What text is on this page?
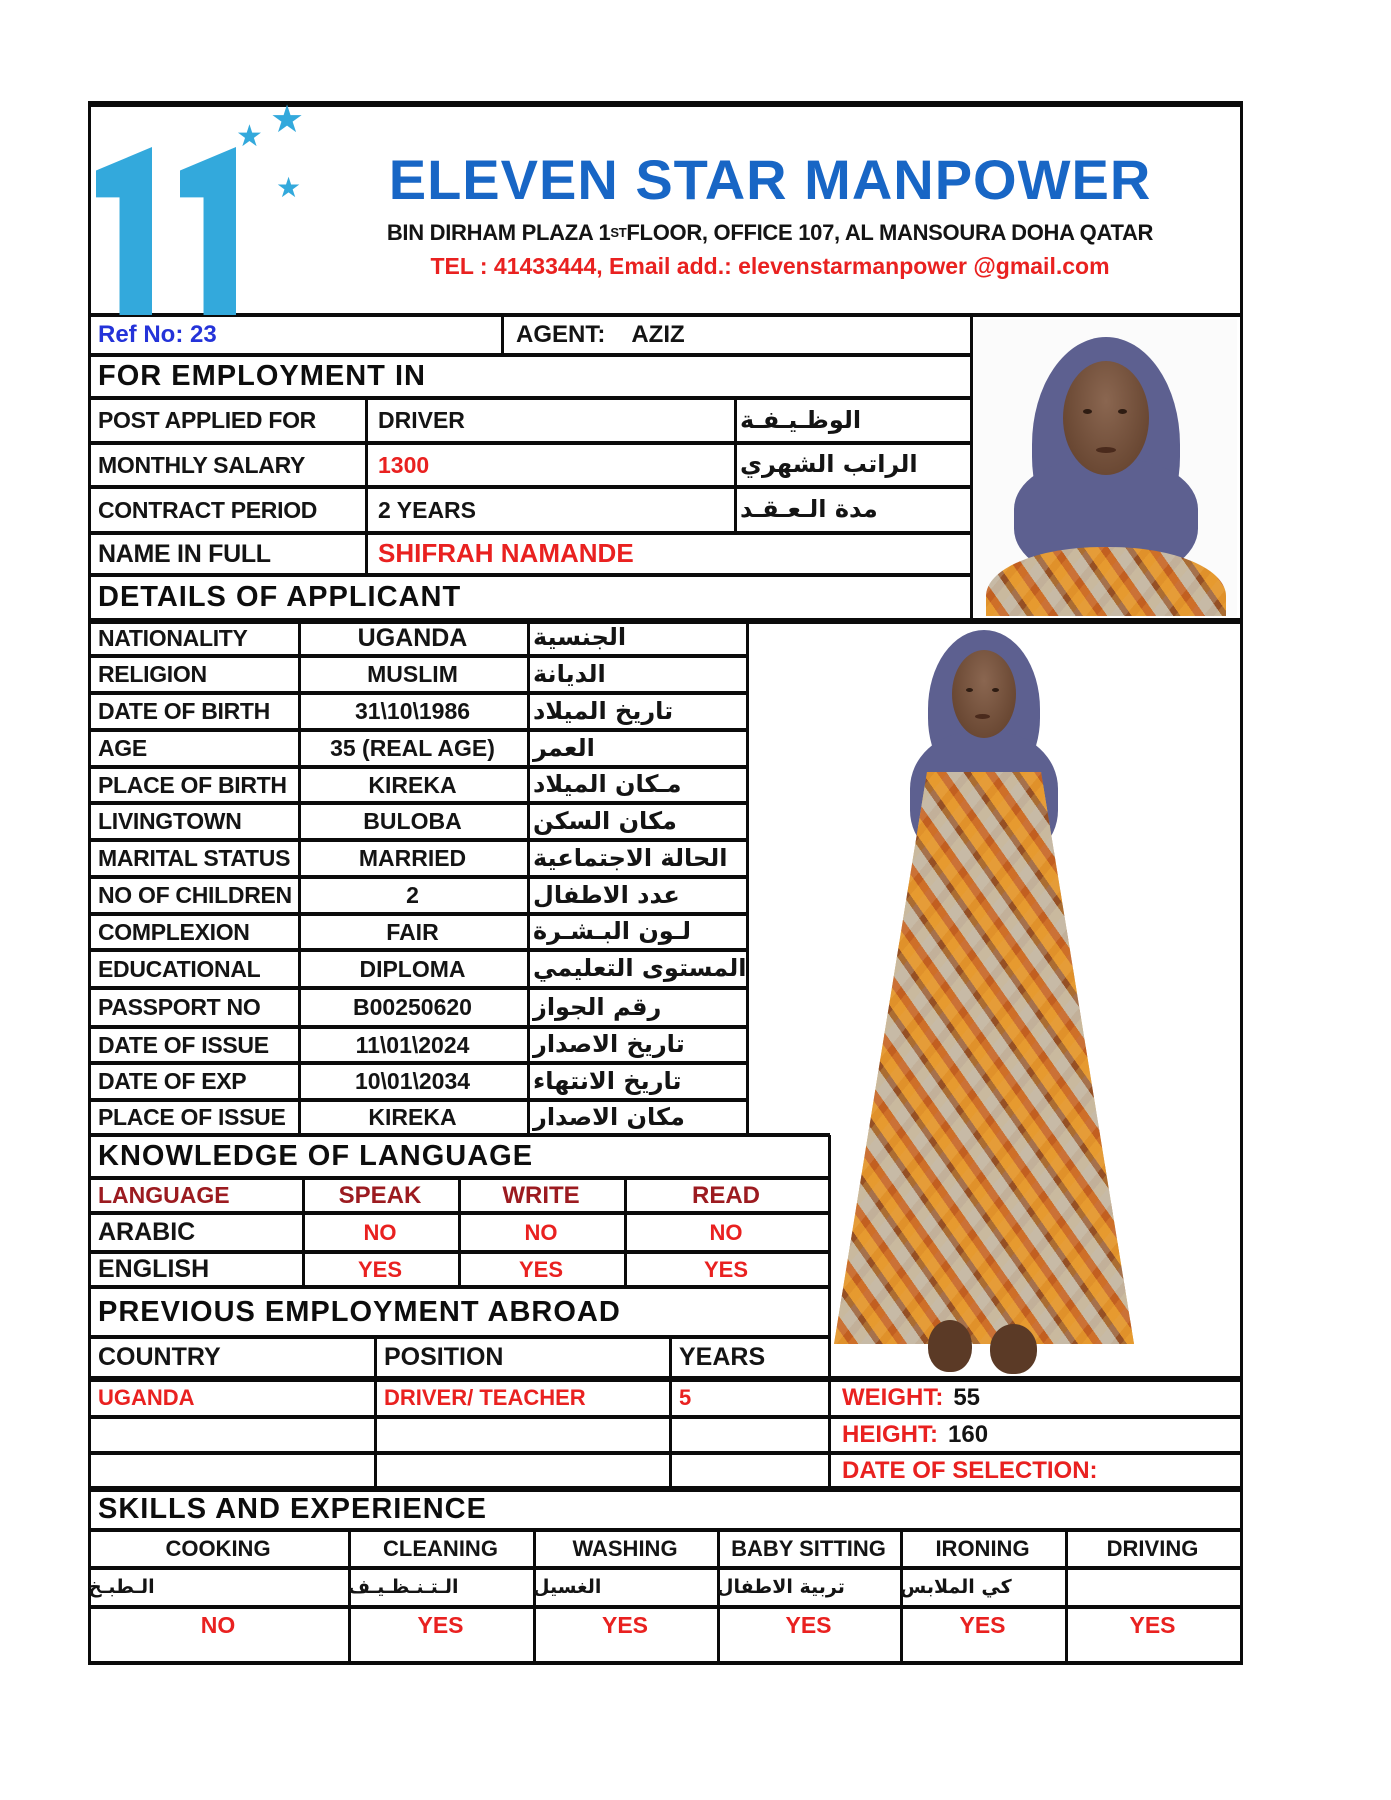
★ ★
★	ELEVEN STAR MANPOWER
BIN DIRHAM PLAZA 1 ST FLOOR, OFFICE 107, AL MANSOURA DOHA QATAR
TEL : 41433444, Email add.: elevenstarmanpower @gmail.com
Ref No: 23	AGENT: AZIZ
FOR EMPLOYMENT IN
POST APPLIED FOR	DRIVER	الوظـيـفـة
MONTHLY SALARY	1300	الراتب الشهري
CONTRACT PERIOD	2 YEARS	مدة الـعـقـد
NAME IN FULL	SHIFRAH NAMANDE
DETAILS OF APPLICANT
NATIONALITY	UGANDA	الجنسية
RELIGION	MUSLIM	الديانة
DATE OF BIRTH	31\10\1986	تاريخ الميلاد
AGE	35 (REAL AGE)	العمر
PLACE OF BIRTH	KIREKA	مـكان الميلاد
LIVINGTOWN	BULOBA	مكان السكن
MARITAL STATUS	MARRIED	الحالة الاجتماعية
NO OF CHILDREN	2	عدد الاطفال
COMPLEXION	FAIR	لـون البـشـرة
EDUCATIONAL	DIPLOMA	المستوى التعليمي
PASSPORT NO	B00250620	رقم الجواز
DATE OF ISSUE	11\01\2024	تاريخ الاصدار
DATE OF EXP	10\01\2034	تاريخ الانتهاء
PLACE OF ISSUE	KIREKA	مكان الاصدار
KNOWLEDGE OF LANGUAGE
LANGUAGE	SPEAK	WRITE	READ
ARABIC	NO	NO	NO
ENGLISH	YES	YES	YES
PREVIOUS EMPLOYMENT ABROAD
COUNTRY	POSITION	YEARS
UGANDA	DRIVER/ TEACHER	5	WEIGHT: 55
HEIGHT: 160
DATE OF SELECTION:
SKILLS AND EXPERIENCE
COOKING	CLEANING	WASHING	BABY SITTING	IRONING	DRIVING
الـطبـخ	الـتـنـظـيـف	الغسيل	تربية الاطفال	كي الملابس
NO	YES	YES	YES	YES	YES
